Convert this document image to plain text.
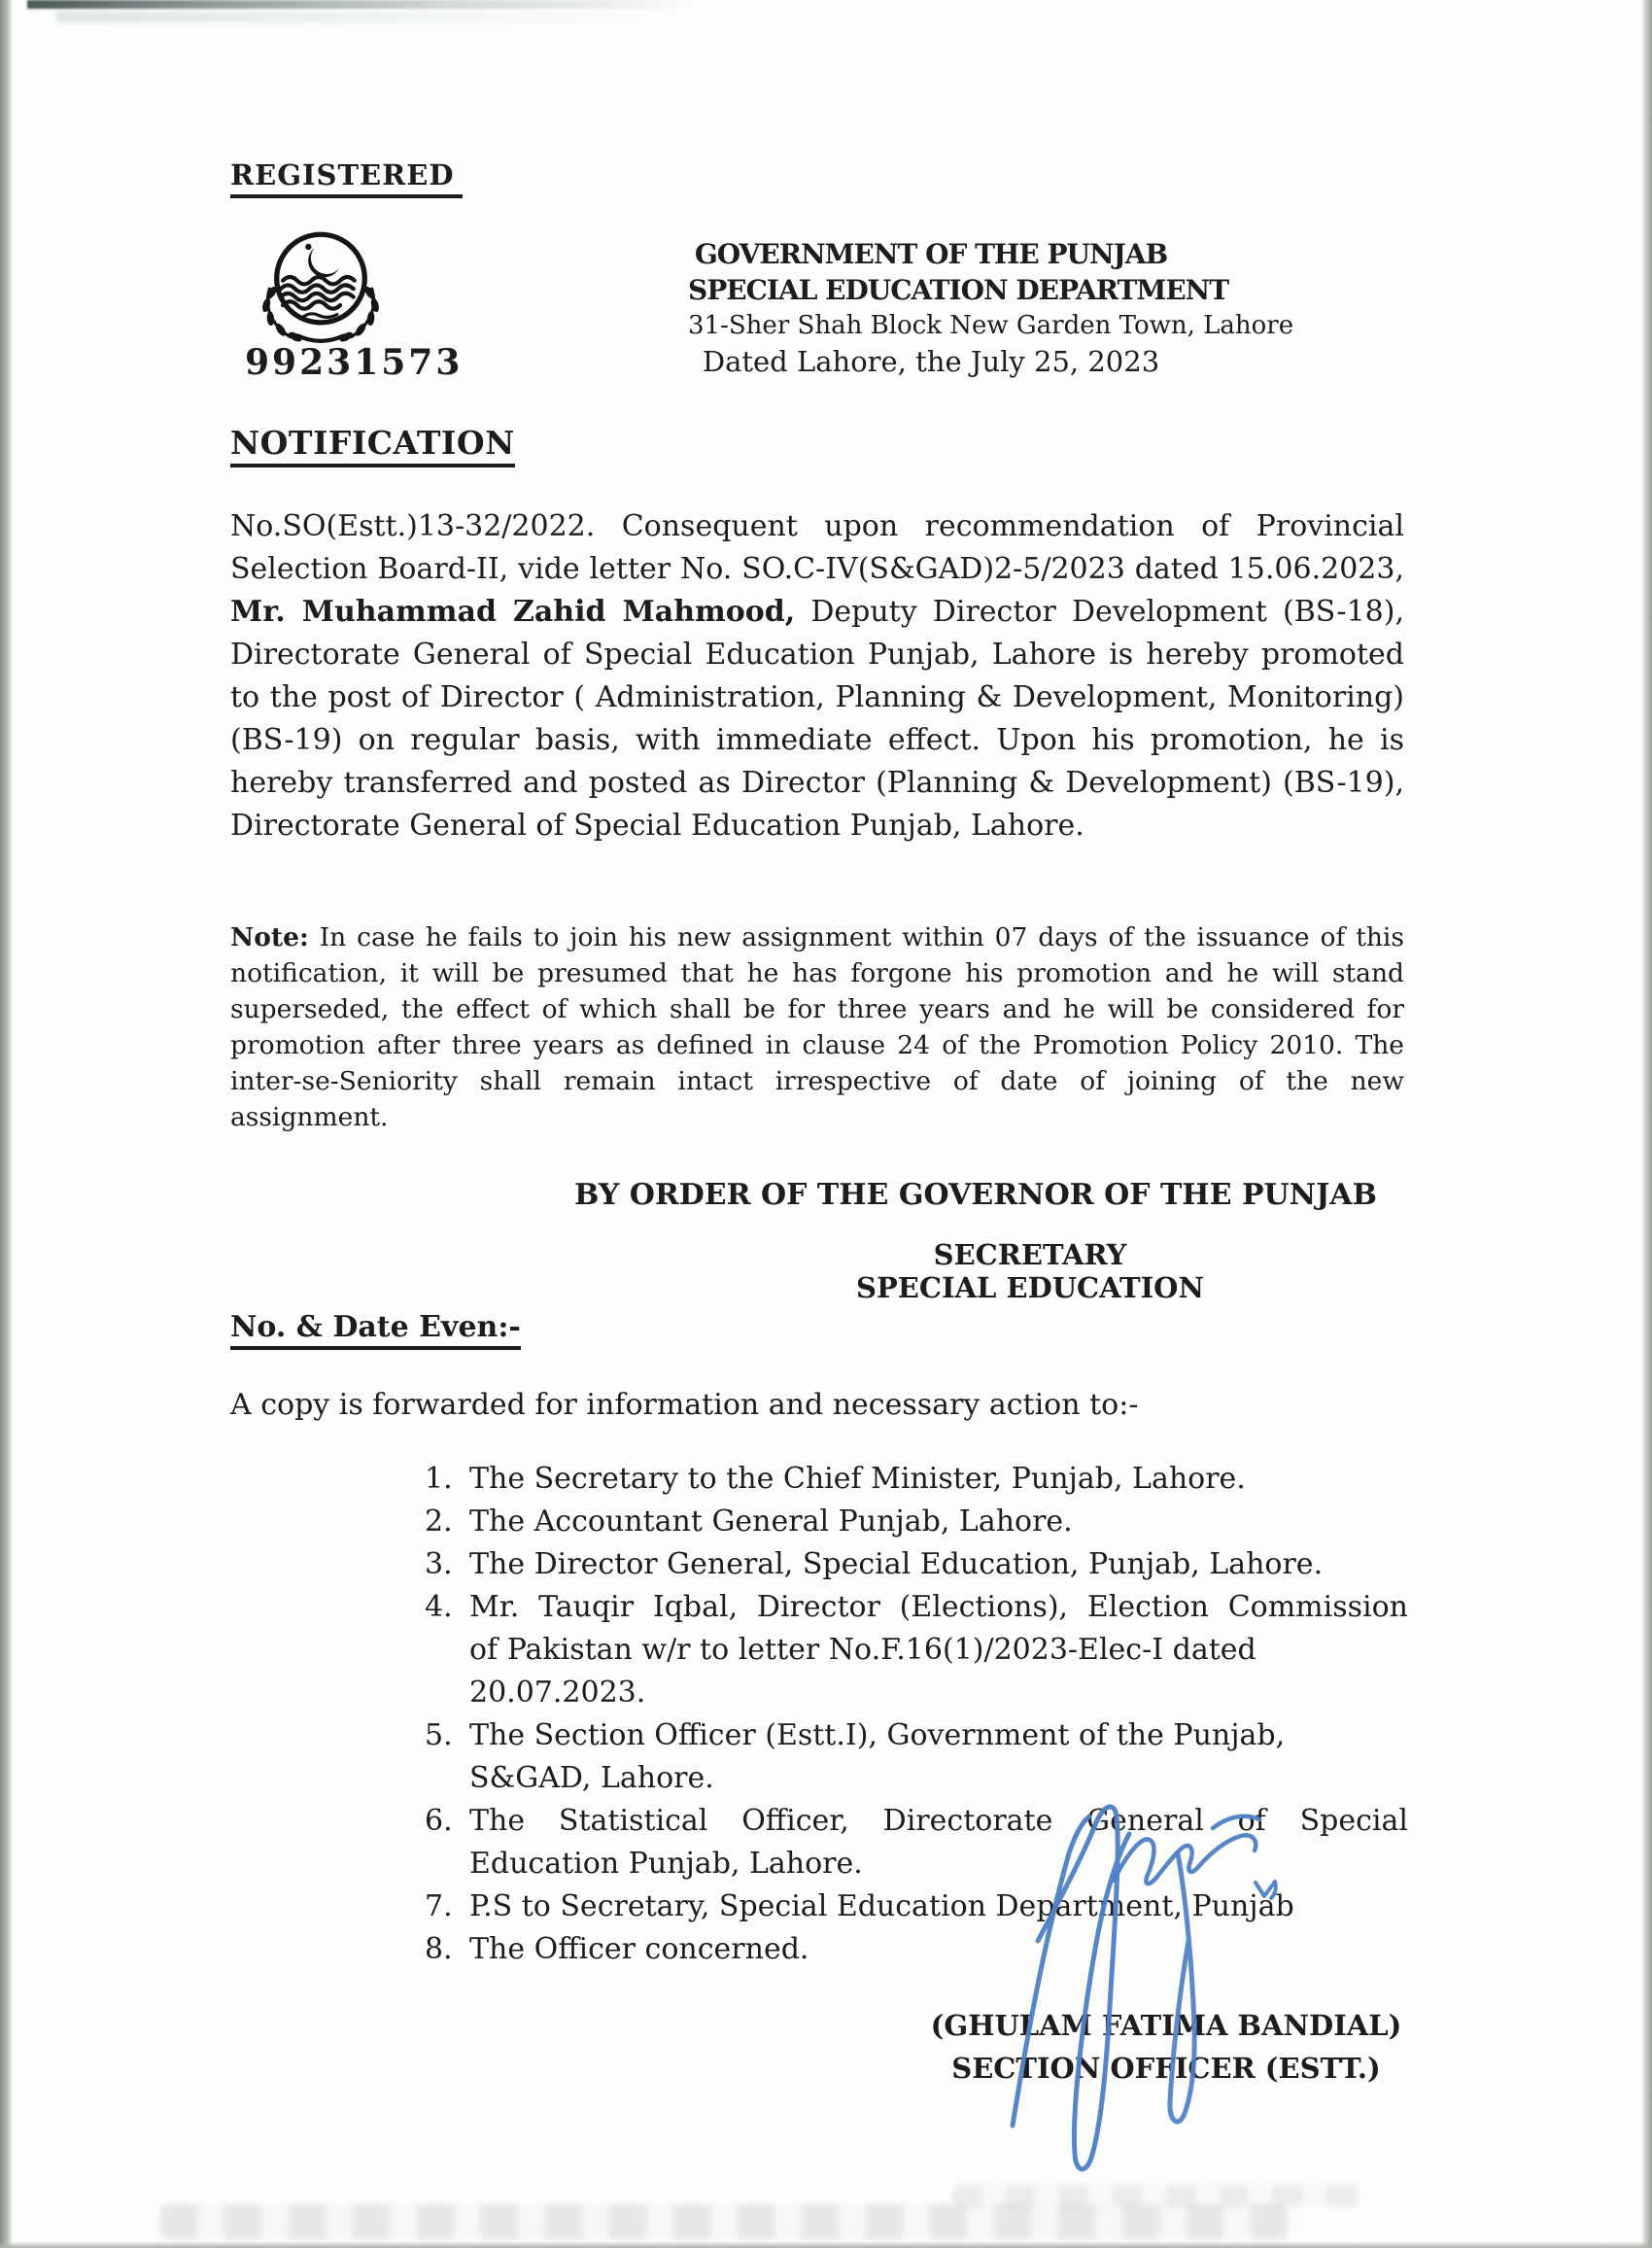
REGISTERED
99231573
GOVERNMENT OF THE PUNJAB
SPECIAL EDUCATION DEPARTMENT
31-Sher Shah Block New Garden Town, Lahore
Dated Lahore, the July 25, 2023
NOTIFICATION

No.SO(Estt.)13-32/2022. Consequent upon recommendation of Provincial Selection Board-II, vide letter No. SO.C-IV(S&GAD)2-5/2023 dated 15.06.2023, Mr. Muhammad Zahid Mahmood, Deputy Director Development (BS-18), Directorate General of Special Education Punjab, Lahore is hereby promoted to the post of Director ( Administration, Planning & Development, Monitoring) (BS-19) on regular basis, with immediate effect. Upon his promotion, he is hereby transferred and posted as Director (Planning & Development) (BS-19), Directorate General of Special Education Punjab, Lahore.

Note: In case he fails to join his new assignment within 07 days of the issuance of this notification, it will be presumed that he has forgone his promotion and he will stand superseded, the effect of which shall be for three years and he will be considered for promotion after three years as defined in clause 24 of the Promotion Policy 2010. The inter-se-Seniority shall remain intact irrespective of date of joining of the new assignment.

BY ORDER OF THE GOVERNOR OF THE PUNJAB
SECRETARY
SPECIAL EDUCATION
No. & Date Even:-
A copy is forwarded for information and necessary action to:-
1. The Secretary to the Chief Minister, Punjab, Lahore.
2. The Accountant General Punjab, Lahore.
3. The Director General, Special Education, Punjab, Lahore.
4. Mr. Tauqir Iqbal, Director (Elections), Election Commission
of Pakistan w/r to letter No.F.16(1)/2023-Elec-I dated
20.07.2023.
5. The Section Officer (Estt.I), Government of the Punjab,
S&GAD, Lahore.
6. The Statistical Officer, Directorate General of Special
Education Punjab, Lahore.
7. P.S to Secretary, Special Education Department, Punjab
8. The Officer concerned.
(GHULAM FATIMA BANDIAL)
SECTION OFFICER (ESTT.)
